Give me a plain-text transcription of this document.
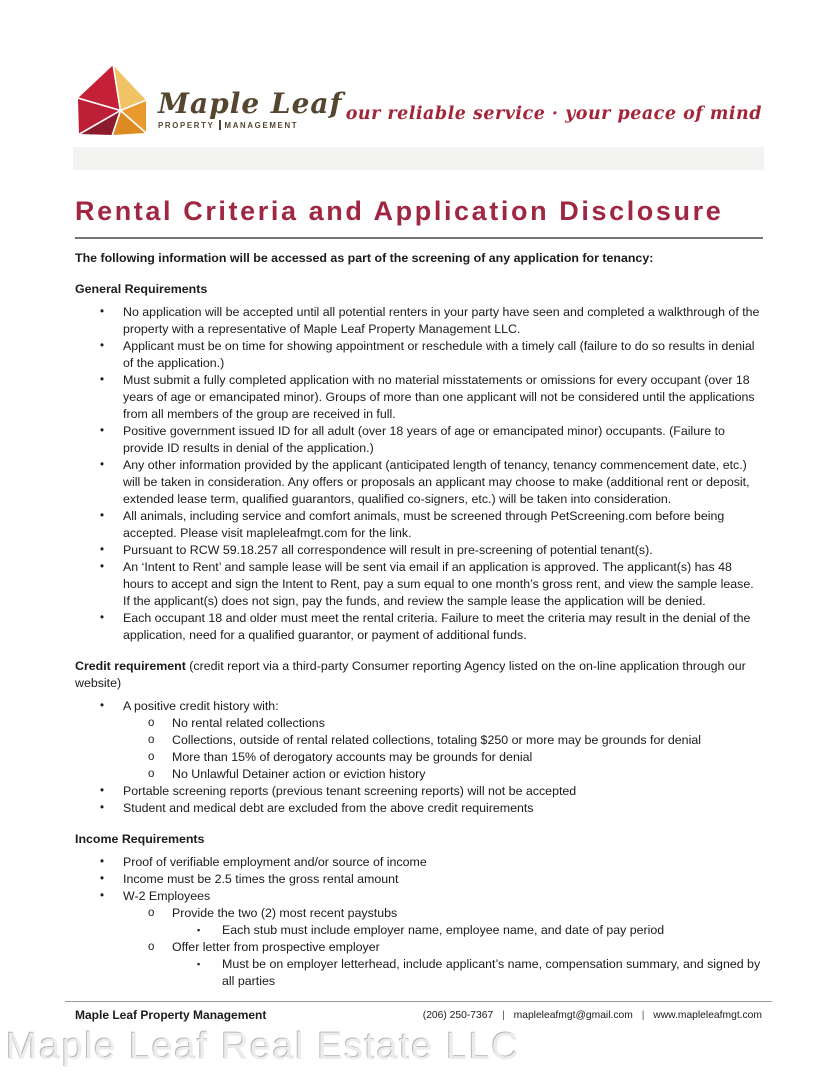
Maple Leaf
PROPERTY MANAGEMENT
our reliable service · your peace of mind
Rental Criteria and Application Disclosure

The following information will be accessed as part of the screening of any application for tenancy:

General Requirements

•	No application will be accepted until all potential renters in your party have seen and completed a walkthrough of the property with a representative of Maple Leaf Property Management LLC.
•	Applicant must be on time for showing appointment or reschedule with a timely call (failure to do so results in denial of the application.)
•	Must submit a fully completed application with no material misstatements or omissions for every occupant (over 18 years of age or emancipated minor). Groups of more than one applicant will not be considered until the applications from all members of the group are received in full.
•	Positive government issued ID for all adult (over 18 years of age or emancipated minor) occupants. (Failure to provide ID results in denial of the application.)
•	Any other information provided by the applicant (anticipated length of tenancy, tenancy commencement date, etc.) will be taken in consideration. Any offers or proposals an applicant may choose to make (additional rent or deposit, extended lease term, qualified guarantors, qualified co-signers, etc.) will be taken into consideration.
•	All animals, including service and comfort animals, must be screened through PetScreening.com before being accepted. Please visit mapleleafmgt.com for the link.
•	Pursuant to RCW 59.18.257 all correspondence will result in pre-screening of potential tenant(s).
•	An ‘Intent to Rent’ and sample lease will be sent via email if an application is approved. The applicant(s) has 48 hours to accept and sign the Intent to Rent, pay a sum equal to one month’s gross rent, and view the sample lease. If the applicant(s) does not sign, pay the funds, and review the sample lease the application will be denied.
•	Each occupant 18 and older must meet the rental criteria. Failure to meet the criteria may result in the denial of the application, need for a qualified guarantor, or payment of additional funds.

Credit requirement (credit report via a third-party Consumer reporting Agency listed on the on-line application through our website)

•	A positive credit history with:
o	No rental related collections
o	Collections, outside of rental related collections, totaling $250 or more may be grounds for denial
o	More than 15% of derogatory accounts may be grounds for denial
o	No Unlawful Detainer action or eviction history
•	Portable screening reports (previous tenant screening reports) will not be accepted
•	Student and medical debt are excluded from the above credit requirements

Income Requirements

•	Proof of verifiable employment and/or source of income
•	Income must be 2.5 times the gross rental amount
•	W-2 Employees
o	Provide the two (2) most recent paystubs
▪	Each stub must include employer name, employee name, and date of pay period
o	Offer letter from prospective employer
▪	Must be on employer letterhead, include applicant’s name, compensation summary, and signed by all parties
Maple Leaf Property Management	(206) 250-7367 | mapleleafmgt@gmail.com | www.mapleleafmgt.com
Maple Leaf Real Estate LLC
